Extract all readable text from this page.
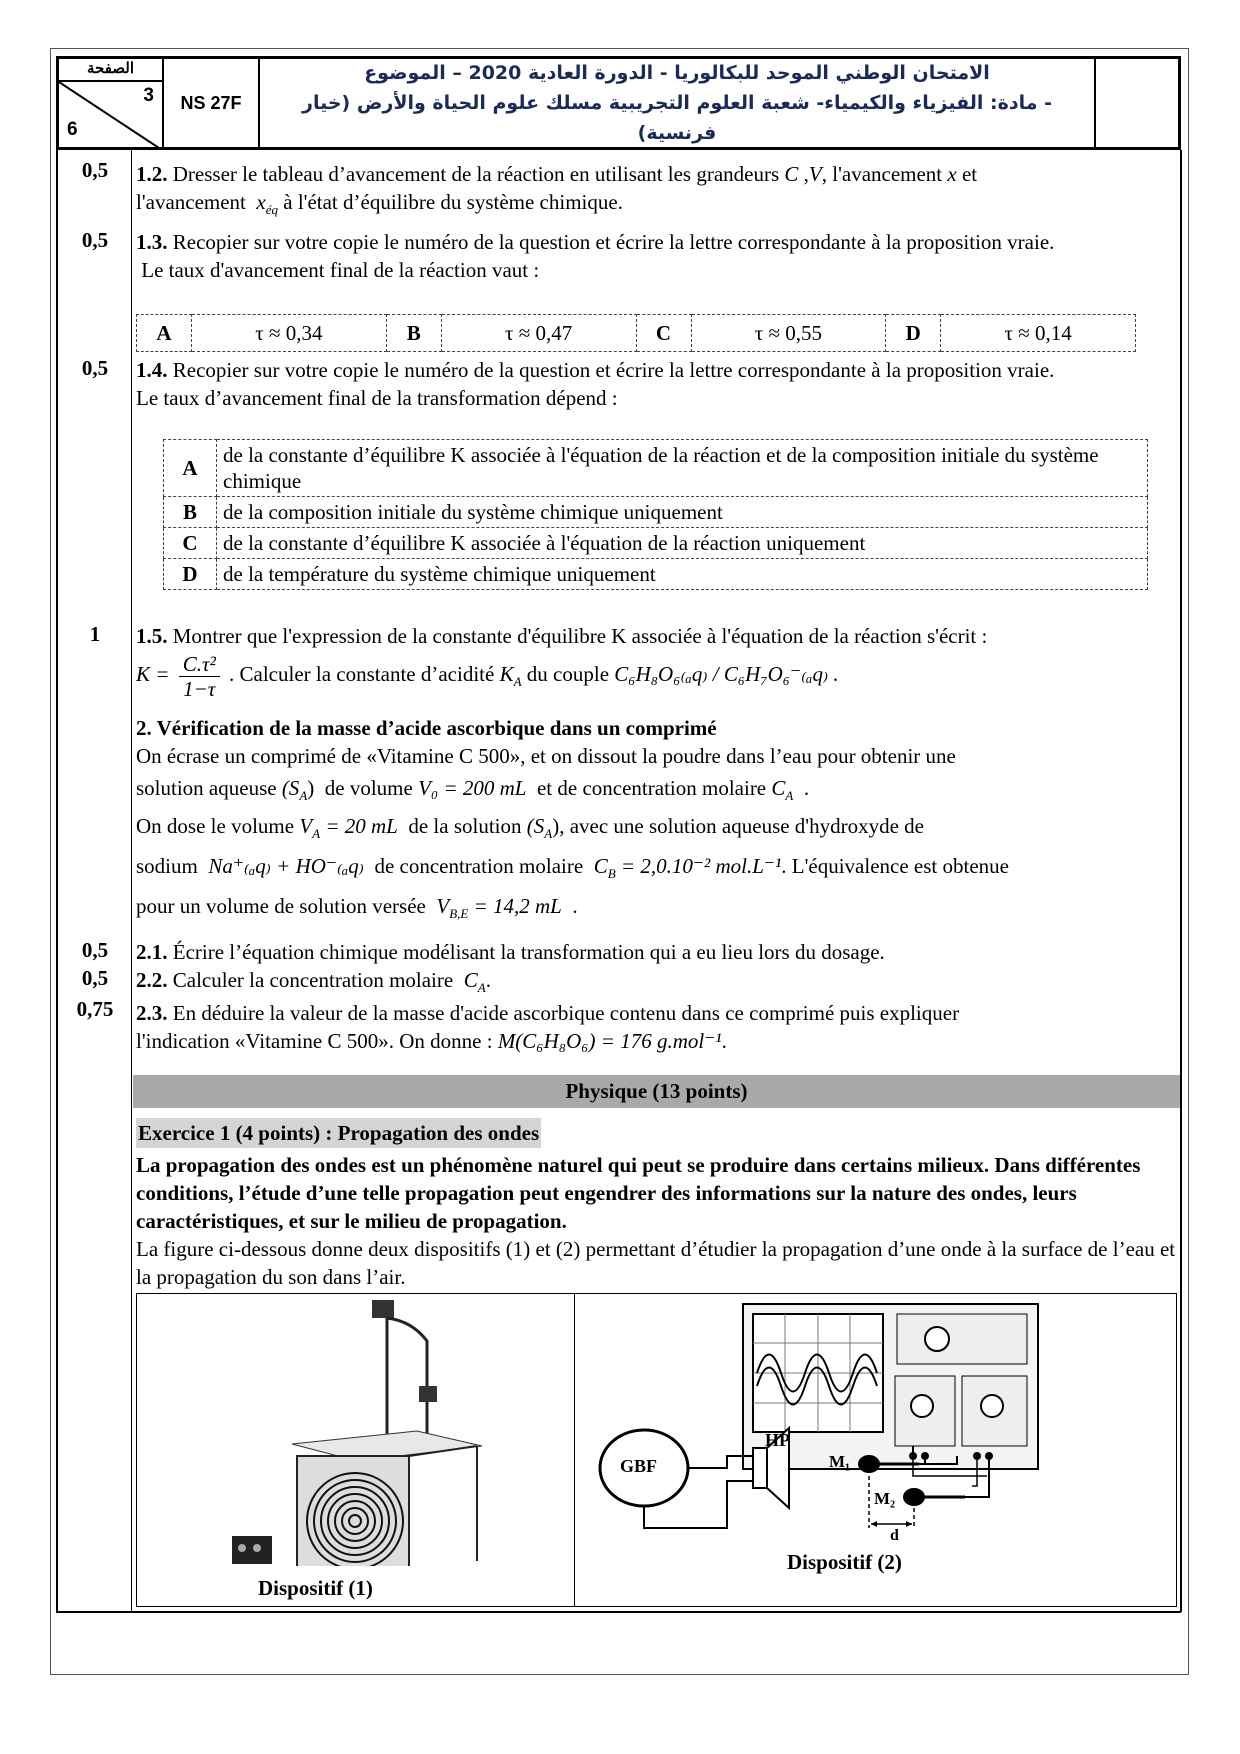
الصفحة
3
6
NS 27F
الامتحان الوطني الموحد للبكالوريا - الدورة العادية 2020 – الموضوع
- مادة: الفيزياء والكيمياء- شعبة العلوم التجريبية مسلك علوم الحياة والأرض (خيار فرنسية)
0,5
0,5
0,5
1
0,5
0,5
0,75
1.2. Dresser le tableau d’avancement de la réaction en utilisant les grandeurs C ,V, l'avancement x et
l'avancement $x_{éq}$ à l'état d’équilibre du système chimique.
1.3. Recopier sur votre copie le numéro de la question et écrire la lettre correspondante à la proposition vraie.
Le taux d'avancement final de la réaction vaut :
A	τ ≈ 0,34	B	τ ≈ 0,47	C	τ ≈ 0,55	D	τ ≈ 0,14
1.4. Recopier sur votre copie le numéro de la question et écrire la lettre correspondante à la proposition vraie.
Le taux d’avancement final de la transformation dépend :
A	de la constante d’équilibre K associée à l'équation de la réaction et de la composition initiale du système chimique
B	de la composition initiale du système chimique uniquement
C	de la constante d’équilibre K associée à l'équation de la réaction uniquement
D	de la température du système chimique uniquement
1.5. Montrer que l'expression de la constante d'équilibre K associée à l'équation de la réaction s'écrit :
$K = \frac{\text{C.τ²}}{1-\tau}$ . Calculer la constante d’acidité $K_A$ du couple C₆H₈O₆₍ₐq₎ / C₆H₇O₆⁻₍ₐq₎ .
2. Vérification de la masse d’acide ascorbique dans un comprimé
On écrase un comprimé de «Vitamine C 500», et on dissout la poudre dans l’eau pour obtenir une
solution aqueuse $(S_A)$ de volume V₀ = 200 mL et de concentration molaire $C_A$ .
On dose le volume $V_A = 20$ mL de la solution $(S_A)$, avec une solution aqueuse d'hydroxyde de
sodium Na⁺₍ₐq₎ + HO⁻₍ₐq₎ de concentration molaire $C_B = 2,0.10^{-2}$ mol.L⁻¹. L'équivalence est obtenue
pour un volume de solution versée $V_{B,E} = 14,2$ mL .
2.1. Écrire l’équation chimique modélisant la transformation qui a eu lieu lors du dosage.
2.2. Calculer la concentration molaire $C_A$.
2.3. En déduire la valeur de la masse d'acide ascorbique contenu dans ce comprimé puis expliquer
l'indication «Vitamine C 500». On donne : M(C₆H₈O₆) = 176 g.mol⁻¹.
Physique (13 points)
Exercice 1 (4 points) : Propagation des ondes
La propagation des ondes est un phénomène naturel qui peut se produire dans certains milieux. Dans différentes conditions, l’étude d’une telle propagation peut engendrer des informations sur la nature des ondes, leurs caractéristiques, et sur le milieu de propagation.
La figure ci-dessous donne deux dispositifs (1) et (2) permettant d’étudier la propagation d’une onde à la surface de l’eau et la propagation du son dans l’air.
Dispositif (1)
GBF
HP
M₁
M₂
d
Dispositif (2)
